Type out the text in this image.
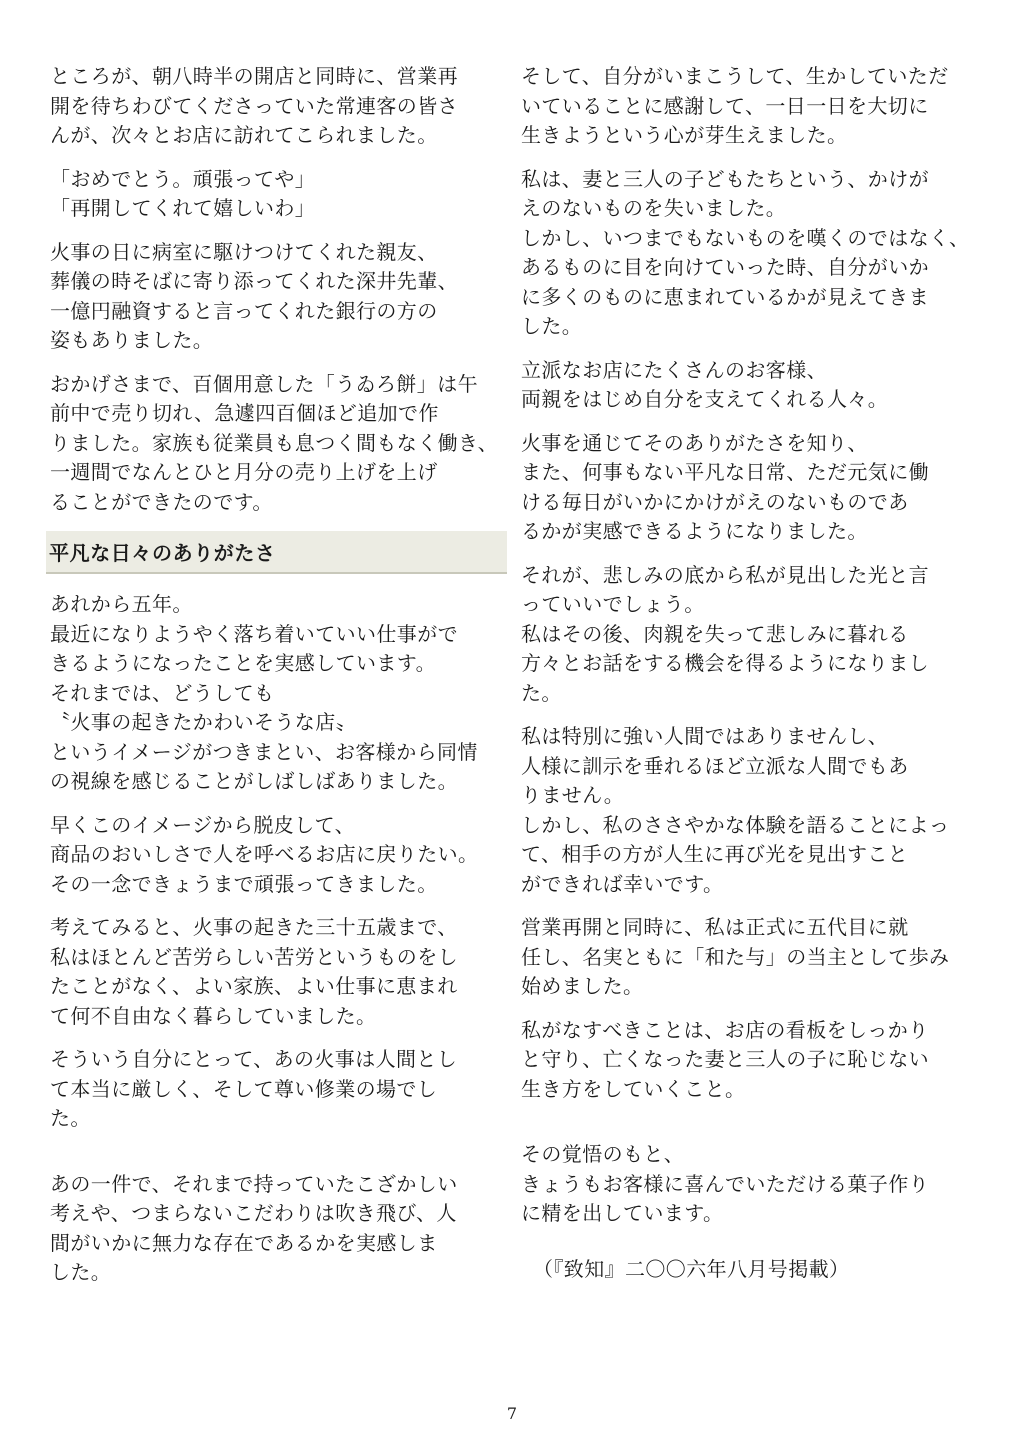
ところが、朝八時半の開店と同時に、営業再
開を待ちわびてくださっていた常連客の皆さ
んが、次々とお店に訪れてこられました。
「おめでとう。頑張ってや」
「再開してくれて嬉しいわ」
火事の日に病室に駆けつけてくれた親友、
葬儀の時そばに寄り添ってくれた深井先輩、
一億円融資すると言ってくれた銀行の方の
姿もありました。
おかげさまで、百個用意した「うゐろ餅」は午
前中で売り切れ、急遽四百個ほど追加で作
りました。家族も従業員も息つく間もなく働き、
一週間でなんとひと月分の売り上げを上げ
ることができたのです。
平凡な日々のありがたさ
あれから五年。
最近になりようやく落ち着いていい仕事がで
きるようになったことを実感しています。
それまでは、どうしても
〝火事の起きたかわいそうな店〟
というイメージがつきまとい、お客様から同情
の視線を感じることがしばしばありました。
早くこのイメージから脱皮して、
商品のおいしさで人を呼べるお店に戻りたい。
その一念できょうまで頑張ってきました。
考えてみると、火事の起きた三十五歳まで、
私はほとんど苦労らしい苦労というものをし
たことがなく、よい家族、よい仕事に恵まれ
て何不自由なく暮らしていました。
そういう自分にとって、あの火事は人間とし
て本当に厳しく、そして尊い修業の場でし
た。
あの一件で、それまで持っていたこざかしい
考えや、つまらないこだわりは吹き飛び、人
間がいかに無力な存在であるかを実感しま
した。
そして、自分がいまこうして、生かしていただ
いていることに感謝して、一日一日を大切に
生きようという心が芽生えました。
私は、妻と三人の子どもたちという、かけが
えのないものを失いました。
しかし、いつまでもないものを嘆くのではなく、
あるものに目を向けていった時、自分がいか
に多くのものに恵まれているかが見えてきま
した。
立派なお店にたくさんのお客様、
両親をはじめ自分を支えてくれる人々。
火事を通じてそのありがたさを知り、
また、何事もない平凡な日常、ただ元気に働
ける毎日がいかにかけがえのないものであ
るかが実感できるようになりました。
それが、悲しみの底から私が見出した光と言
っていいでしょう。
私はその後、肉親を失って悲しみに暮れる
方々とお話をする機会を得るようになりまし
た。
私は特別に強い人間ではありませんし、
人様に訓示を垂れるほど立派な人間でもあ
りません。
しかし、私のささやかな体験を語ることによっ
て、相手の方が人生に再び光を見出すこと
ができれば幸いです。
営業再開と同時に、私は正式に五代目に就
任し、名実ともに「和た与」の当主として歩み
始めました。
私がなすべきことは、お店の看板をしっかり
と守り、亡くなった妻と三人の子に恥じない
生き方をしていくこと。
その覚悟のもと、
きょうもお客様に喜んでいただける菓子作り
に精を出しています。
（『致知』二〇〇六年八月号掲載）
7
